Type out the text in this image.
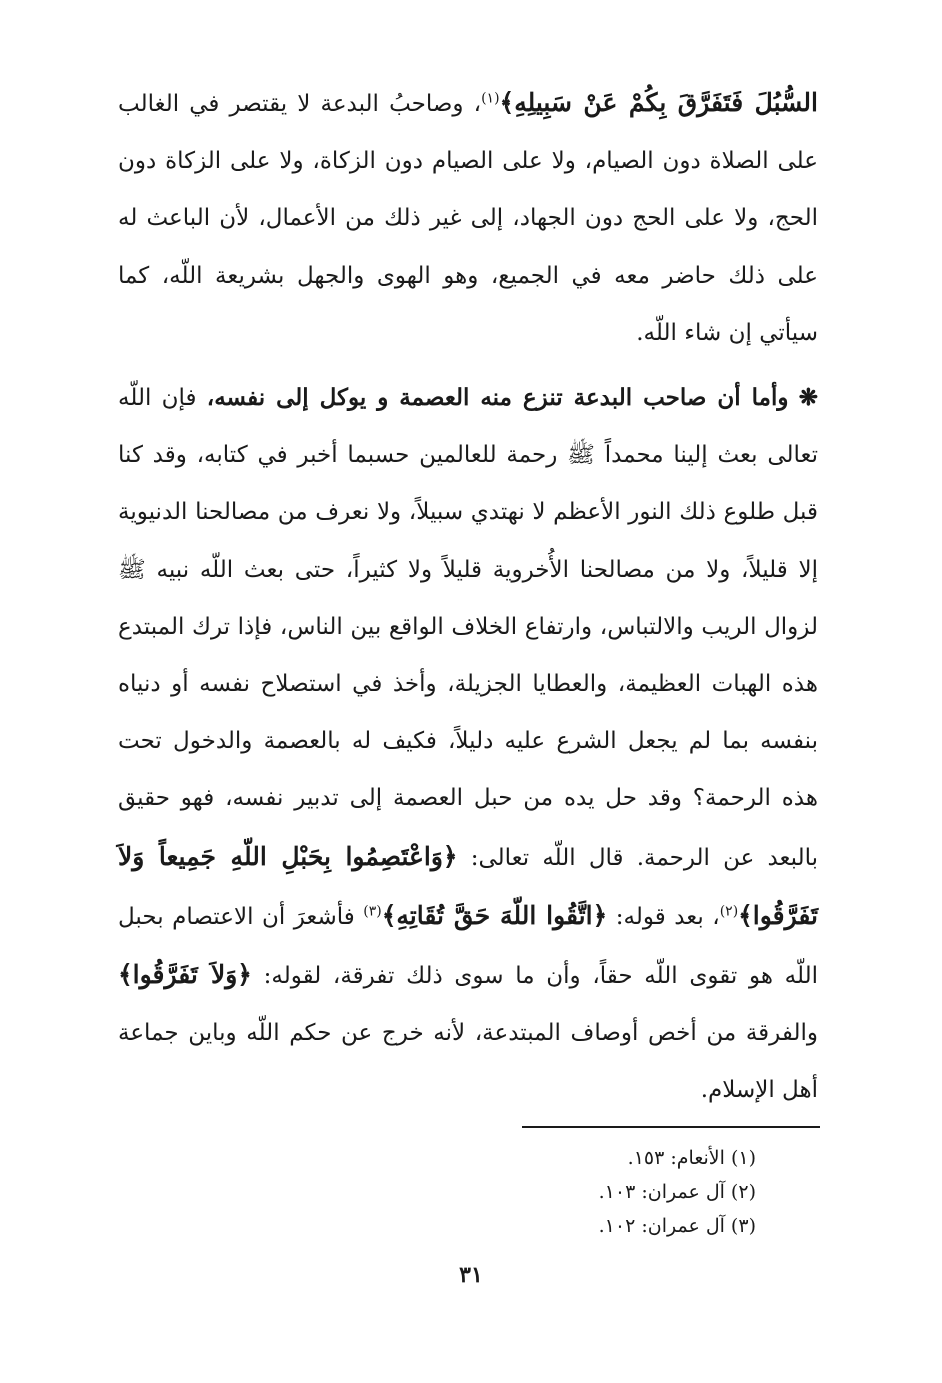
السُّبُلَ فَتَفَرَّقَ بِكُمْ عَنْ سَبِيلِهِ﴾$^{(١)}$، وصاحبُ البدعة لا يقتصر في الغالب على الصلاة دون الصيام، ولا على الصيام دون الزكاة، ولا على الزكاة دون الحج، ولا على الحج دون الجهاد، إلى غير ذلك من الأعمال، لأن الباعث له على ذلك حاضر معه في الجميع، وهو الهوى والجهل بشريعة اللّه، كما سيأتي إن شاء اللّه.

❋ وأما أن صاحب البدعة تنزع منه العصمة و يوكل إلى نفسه، فإن اللّه تعالى بعث إلينا محمداً ﷺ رحمة للعالمين حسبما أخبر في كتابه، وقد كنا قبل طلوع ذلك النور الأعظم لا نهتدي سبيلاً، ولا نعرف من مصالحنا الدنيوية إلا قليلاً، ولا من مصالحنا الأُخروية قليلاً ولا كثيراً، حتى بعث اللّه نبيه ﷺ لزوال الريب والالتباس، وارتفاع الخلاف الواقع بين الناس، فإذا ترك المبتدع هذه الهبات العظيمة، والعطايا الجزيلة، وأخذ في استصلاح نفسه أو دنياه بنفسه بما لم يجعل الشرع عليه دليلاً، فكيف له بالعصمة والدخول تحت هذه الرحمة؟ وقد حل يده من حبل العصمة إلى تدبير نفسه، فهو حقيق بالبعد عن الرحمة. قال اللّه تعالى: ﴿وَاعْتَصِمُوا بِحَبْلِ اللّهِ جَمِيعاً وَلاَ تَفَرَّقُوا﴾$^{(٢)}$، بعد قوله: ﴿اتَّقُوا اللّهَ حَقَّ تُقَاتِهِ﴾$^{(٣)}$ فأشعرَ أن الاعتصام بحبل اللّه هو تقوى اللّه حقاً، وأن ما سوى ذلك تفرقة، لقوله: ﴿وَلاَ تَفَرَّقُوا﴾ والفرقة من أخص أوصاف المبتدعة، لأنه خرج عن حكم اللّه وباين جماعة أهل الإسلام.

(١) الأنعام: ١٥٣.
(٢) آل عمران: ١٠٣.
(٣) آل عمران: ١٠٢.
٣١
